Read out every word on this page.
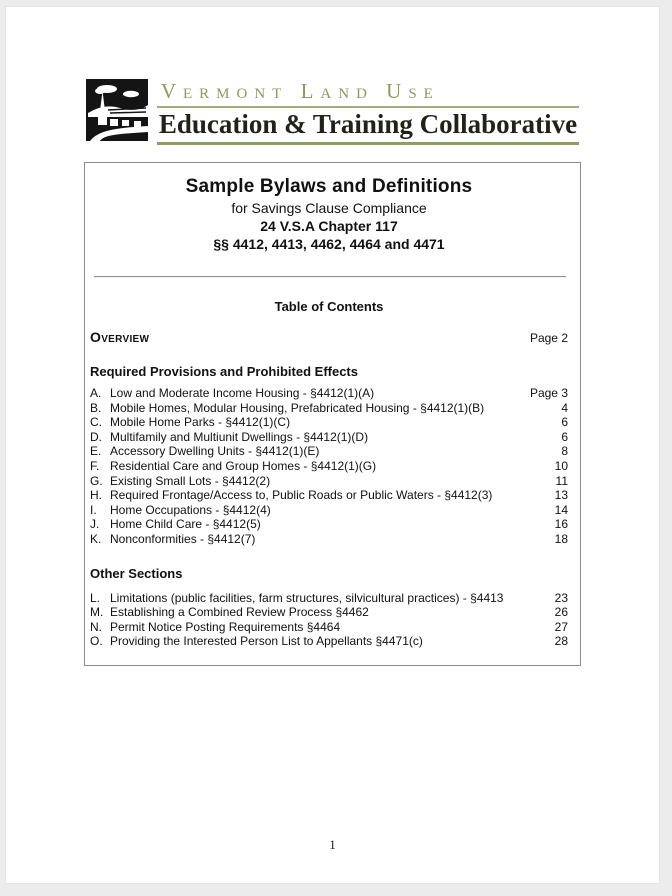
Vermont Land Use
Education & Training Collaborative
Sample Bylaws and Definitions
for Savings Clause Compliance
24 V.S.A Chapter 117
§§ 4412, 4413, 4462, 4464 and 4471
Table of Contents
Overview	Page 2
Required Provisions and Prohibited Effects
A. Low and Moderate Income Housing - §4412(1)(A)	Page 3
B. Mobile Homes, Modular Housing, Prefabricated Housing - §4412(1)(B)	4
C. Mobile Home Parks - §4412(1)(C)	6
D. Multifamily and Multiunit Dwellings - §4412(1)(D)	6
E. Accessory Dwelling Units - §4412(1)(E)	8
F. Residential Care and Group Homes - §4412(1)(G)	10
G. Existing Small Lots - §4412(2)	11
H. Required Frontage/Access to, Public Roads or Public Waters - §4412(3)	13
I.	Home Occupations - §4412(4)	14
J. Home Child Care - §4412(5)	16
K. Nonconformities - §4412(7)	18
Other Sections
L. Limitations (public facilities, farm structures, silvicultural practices) - §4413	23
M. Establishing a Combined Review Process §4462	26
N. Permit Notice Posting Requirements §4464	27
O. Providing the Interested Person List to Appellants §4471(c)	28
1
